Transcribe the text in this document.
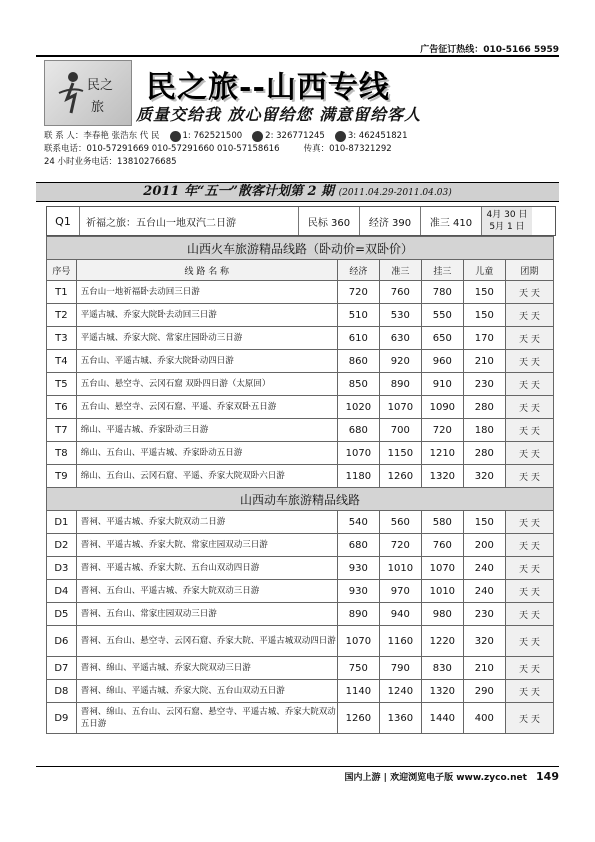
广告征订热线：010-5166 5959
民之
旅
民之旅--山西专线
质量交给我 放心留给您 满意留给客人
联 系 人：李春艳 张浩东 代 民	1: 762521500	2: 326771245	3: 462451821
联系电话：010-57291669 010-57291660 010-57158616	传真：010-87321292
24 小时业务电话：13810276685
2011 年“五一”散客计划第 2 期 (2011.04.29-2011.04.03)
Q1	祈福之旅：五台山一地双汽二日游	民标 360	经济 390	准三 410
4月 30 日
5月 1 日
山西火车旅游精品线路（卧动价=双卧价）						
序号	线 路 名 称	经济	准三	挂三	儿童	团期
T1	五台山一地祈福卧去动回三日游	720	760	780	150	天 天
T2	平遥古城、乔家大院卧去动回三日游	510	530	550	150	天 天
T3	平遥古城、乔家大院、常家庄园卧动三日游	610	630	650	170	天 天
T4	五台山、平遥古城、乔家大院卧动四日游	860	920	960	210	天 天
T5	五台山、悬空寺、云冈石窟 双卧四日游（太原回）	850	890	910	230	天 天
T6	五台山、悬空寺、云冈石窟、平遥、乔家双卧五日游	1020	1070	1090	280	天 天
T7	绵山、平遥古城、乔家卧动三日游	680	700	720	180	天 天
T8	绵山、五台山、平遥古城、乔家卧动五日游	1070	1150	1210	280	天 天
T9	绵山、五台山、云冈石窟、平遥、乔家大院双卧六日游	1180	1260	1320	320	天 天
山西动车旅游精品线路						
D1	晋祠、平遥古城、乔家大院双动二日游	540	560	580	150	天 天
D2	晋祠、平遥古城、乔家大院、常家庄园双动三日游	680	720	760	200	天 天
D3	晋祠、平遥古城、乔家大院、五台山双动四日游	930	1010	1070	240	天 天
D4	晋祠、五台山、平遥古城、乔家大院双动三日游	930	970	1010	240	天 天
D5	晋祠、五台山、常家庄园双动三日游	890	940	980	230	天 天
D6	晋祠、五台山、悬空寺、云冈石窟、乔家大院、平遥古城双动四日游	1070	1160	1220	320	天 天
D7	晋祠、绵山、平遥古城、乔家大院双动三日游	750	790	830	210	天 天
D8	晋祠、绵山、平遥古城、乔家大院、五台山双动五日游	1140	1240	1320	290	天 天
D9	晋祠、绵山、五台山、云冈石窟、悬空寺、平遥古城、乔家大院双动五日游	1260	1360	1440	400	天 天
国内上游 | 欢迎浏览电子版 www.zyco.net 149
